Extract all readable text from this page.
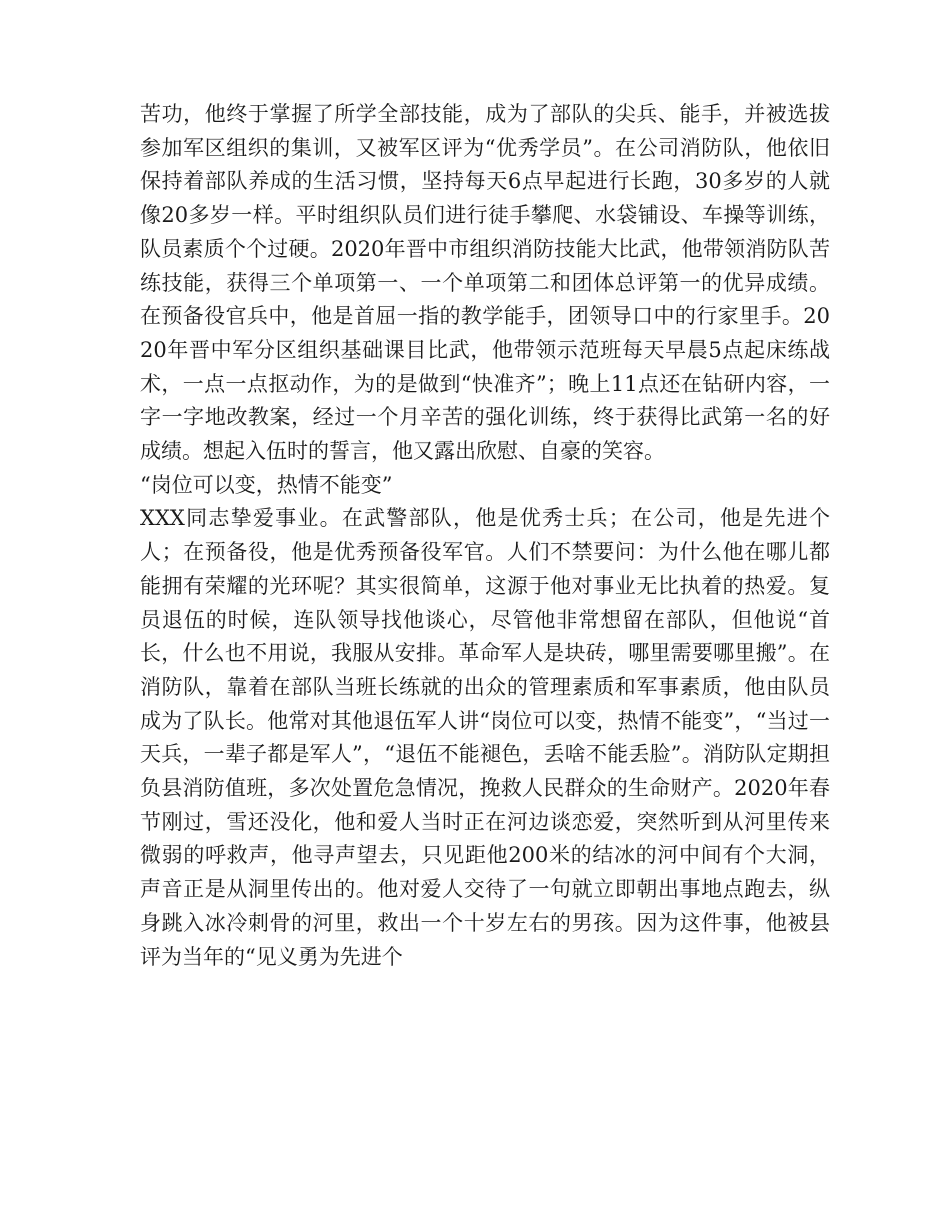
苦功，他终于掌握了所学全部技能，成为了部队的尖兵、能手，并被选拔参加军区组织的集训，又被军区评为“优秀学员”。在公司消防队，他依旧保持着部队养成的生活习惯，坚持每天6点早起进行长跑，30多岁的人就像20多岁一样。平时组织队员们进行徒手攀爬、水袋铺设、车操等训练，队员素质个个过硬。2020年晋中市组织消防技能大比武，他带领消防队苦练技能，获得三个单项第一、一个单项第二和团体总评第一的优异成绩。在预备役官兵中，他是首屈一指的教学能手，团领导口中的行家里手。2020年晋中军分区组织基础课目比武，他带领示范班每天早晨5点起床练战术，一点一点抠动作，为的是做到“快准齐”；晚上11点还在钻研内容，一字一字地改教案，经过一个月辛苦的强化训练，终于获得比武第一名的好成绩。想起入伍时的誓言，他又露出欣慰、自豪的笑容。

“岗位可以变，热情不能变”

XXX同志挚爱事业。在武警部队，他是优秀士兵；在公司，他是先进个人；在预备役，他是优秀预备役军官。人们不禁要问：为什么他在哪儿都能拥有荣耀的光环呢？其实很简单，这源于他对事业无比执着的热爱。复员退伍的时候，连队领导找他谈心，尽管他非常想留在部队，但他说“首长，什么也不用说，我服从安排。革命军人是块砖，哪里需要哪里搬”。在消防队，靠着在部队当班长练就的出众的管理素质和军事素质，他由队员成为了队长。他常对其他退伍军人讲“岗位可以变，热情不能变”，“当过一天兵，一辈子都是军人”，“退伍不能褪色，丢啥不能丢脸”。消防队定期担负县消防值班，多次处置危急情况，挽救人民群众的生命财产。2020年春节刚过，雪还没化，他和爱人当时正在河边谈恋爱，突然听到从河里传来微弱的呼救声，他寻声望去，只见距他200米的结冰的河中间有个大洞，声音正是从洞里传出的。他对爱人交待了一句就立即朝出事地点跑去，纵身跳入冰冷刺骨的河里，救出一个十岁左右的男孩。因为这件事，他被县评为当年的“见义勇为先进个
